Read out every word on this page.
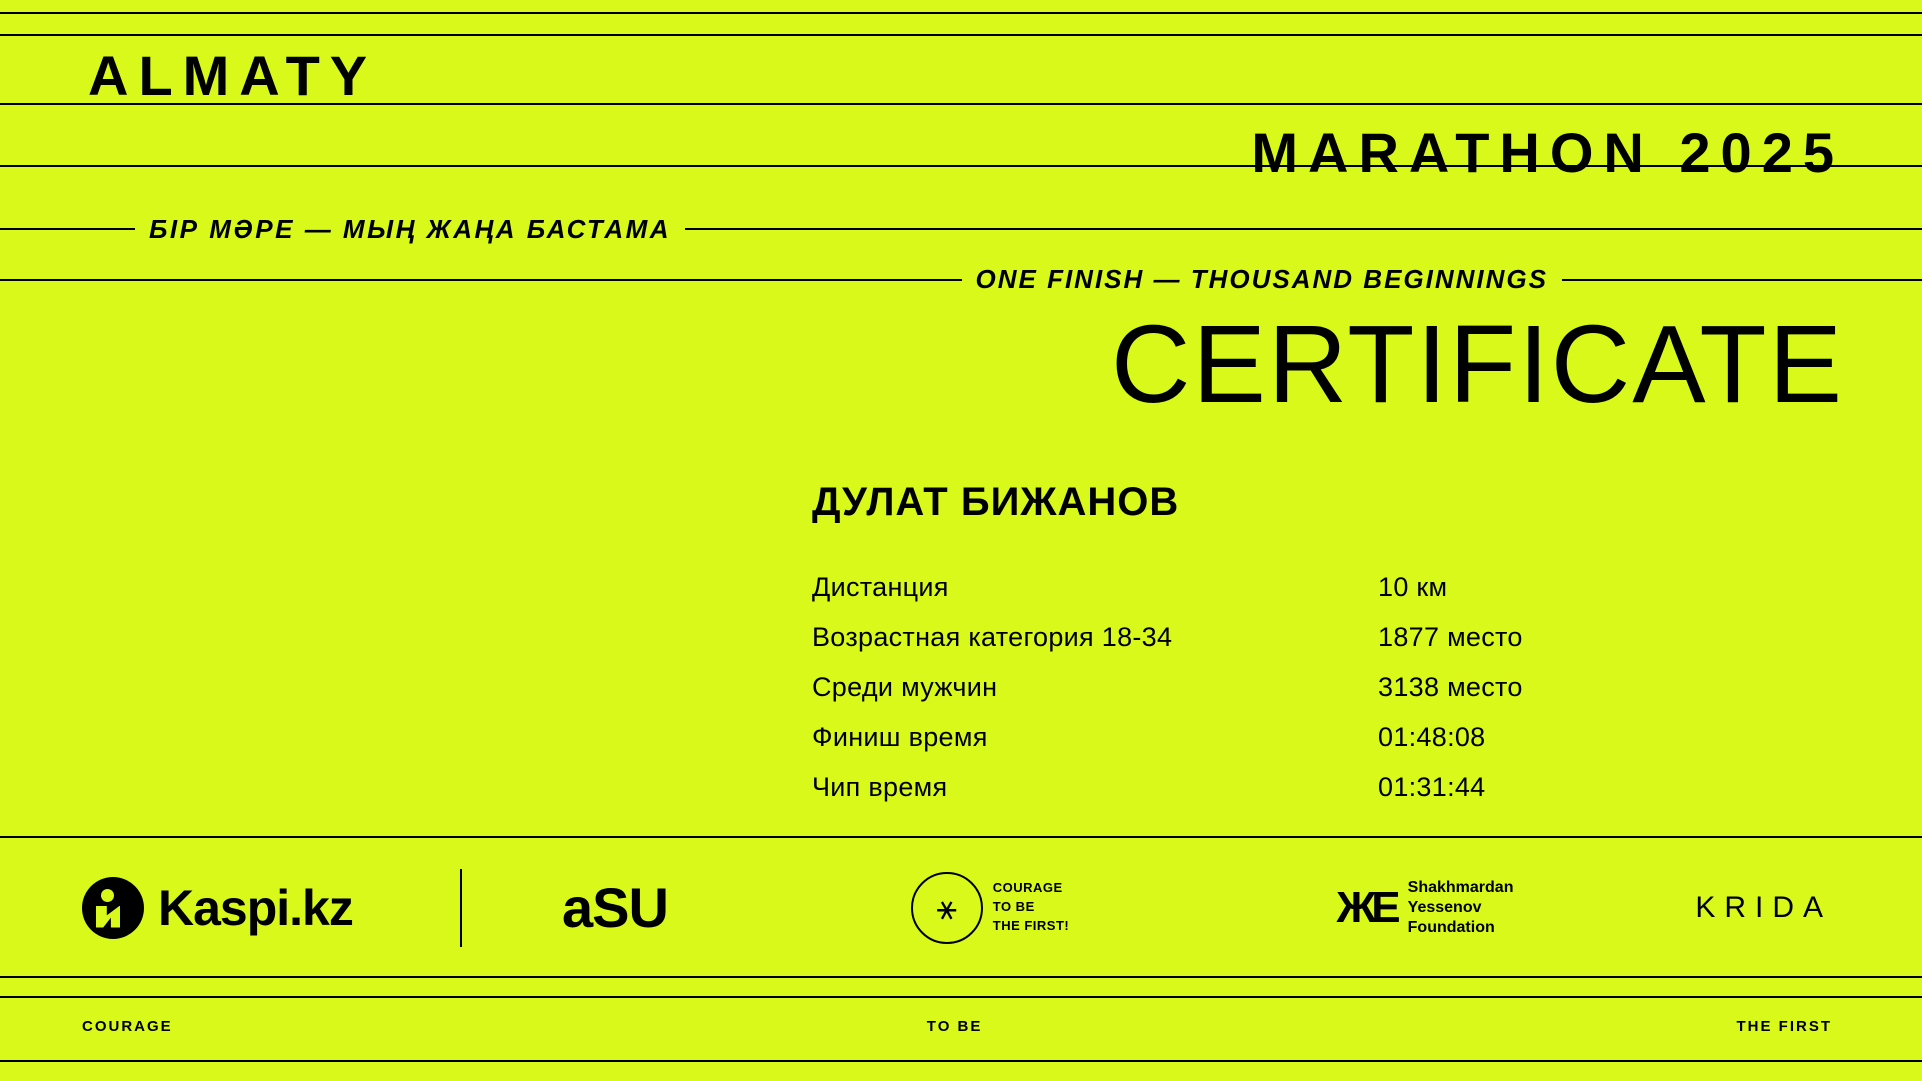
ALMATY
MARATHON 2025
БІР МӘРЕ — МЫҢ ЖАҢА БАСТАМА
ONE FINISH — THOUSAND BEGINNINGS
CERTIFICATE
ДУЛАТ БИЖАНОВ
Дистанция	10 км
Возрастная категория 18-34	1877 место
Среди мужчин	3138 место
Финиш время	01:48:08
Чип время	01:31:44
Kaspi.kz	aSU	⚹
COURAGE
TO BE
THE FIRST!	ЖЕ Shakhmardan
Yessenov
Foundation
KRIDA
COURAGE	TO BE	THE FIRST
